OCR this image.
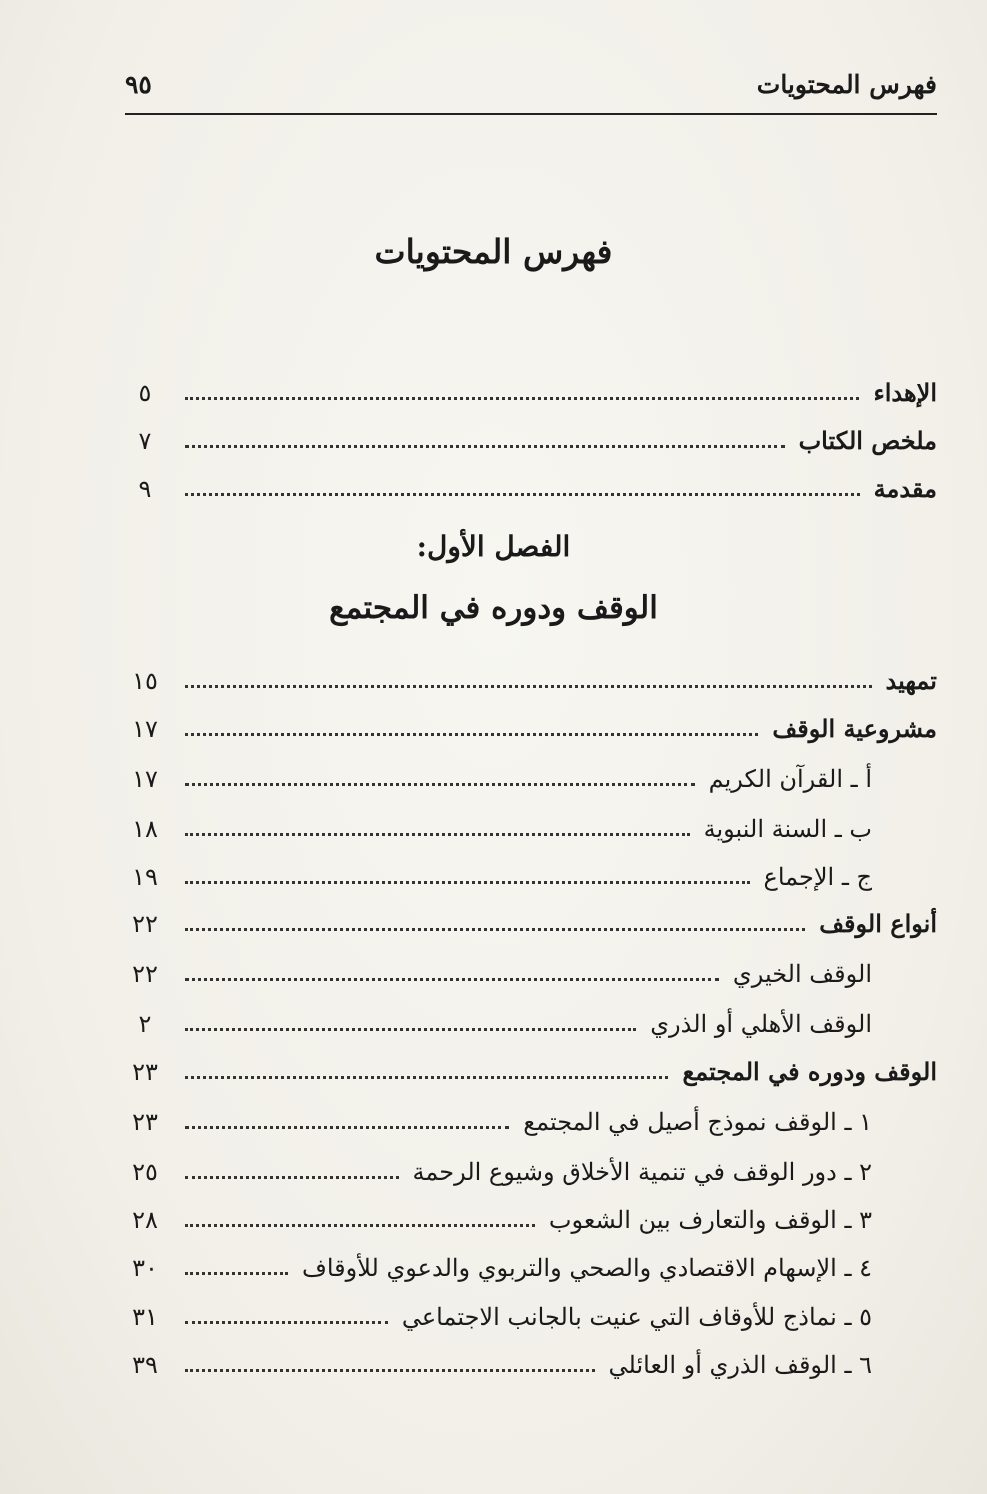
فهرس المحتويات
٩٥
فهرس المحتويات
الإهداء
٥
ملخص الكتاب
٧
مقدمة
٩
الفصل الأول:
الوقف ودوره في المجتمع
تمهيد
١٥
مشروعية الوقف
١٧
أ ـ القرآن الكريم
١٧
ب ـ السنة النبوية
١٨
ج ـ الإجماع
١٩
أنواع الوقف
٢٢
الوقف الخيري
٢٢
الوقف الأهلي أو الذري
٢
الوقف ودوره في المجتمع
٢٣
١ ـ الوقف نموذج أصيل في المجتمع
٢٣
٢ ـ دور الوقف في تنمية الأخلاق وشيوع الرحمة
٢٥
٣ ـ الوقف والتعارف بين الشعوب
٢٨
٤ ـ الإسهام الاقتصادي والصحي والتربوي والدعوي للأوقاف
٣٠
٥ ـ نماذج للأوقاف التي عنيت بالجانب الاجتماعي
٣١
٦ ـ الوقف الذري أو العائلي
٣٩
